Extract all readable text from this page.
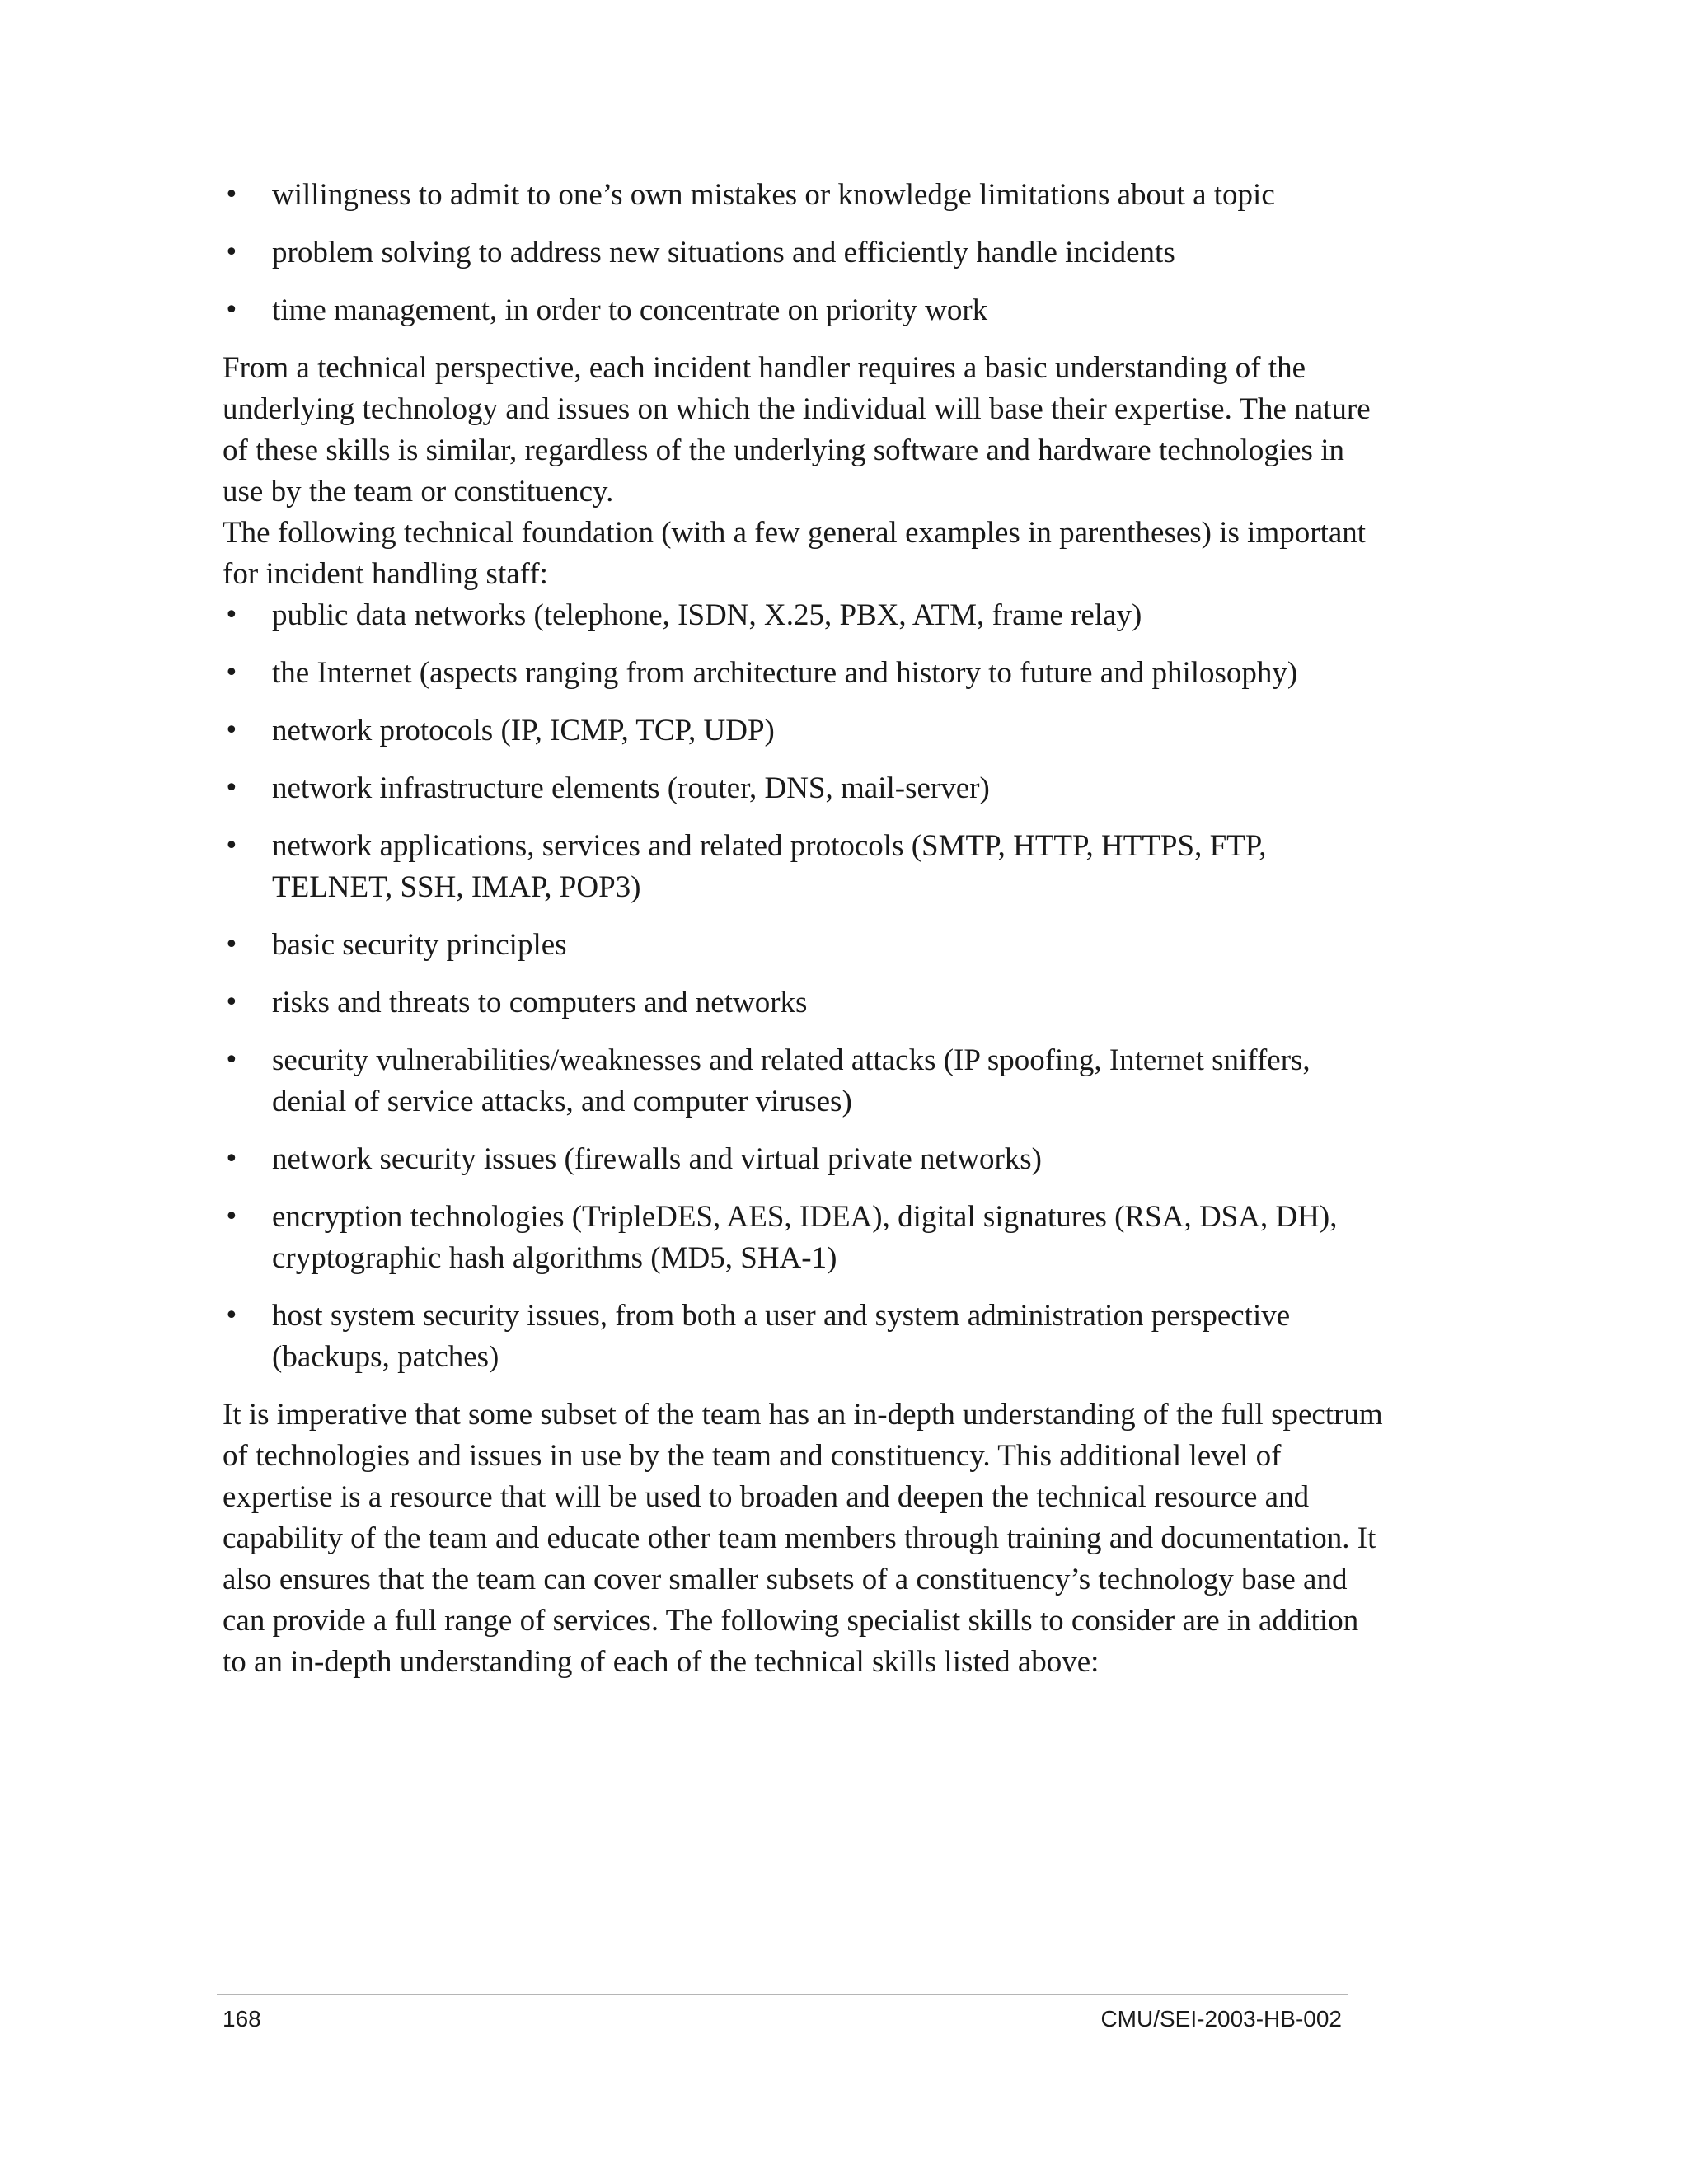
• willingness to admit to one’s own mistakes or knowledge limitations about a topic
• problem solving to address new situations and efficiently handle incidents
• time management, in order to concentrate on priority work

From a technical perspective, each incident handler requires a basic understanding of the underlying technology and issues on which the individual will base their expertise. The nature of these skills is similar, regardless of the underlying software and hardware technologies in use by the team or constituency.

The following technical foundation (with a few general examples in parentheses) is important for incident handling staff:

• public data networks (telephone, ISDN, X.25, PBX, ATM, frame relay)
• the Internet (aspects ranging from architecture and history to future and philosophy)
• network protocols (IP, ICMP, TCP, UDP)
• network infrastructure elements (router, DNS, mail-server)
• network applications, services and related protocols (SMTP, HTTP, HTTPS, FTP, TELNET, SSH, IMAP, POP3)
• basic security principles
• risks and threats to computers and networks
• security vulnerabilities/weaknesses and related attacks (IP spoofing, Internet sniffers, denial of service attacks, and computer viruses)
• network security issues (firewalls and virtual private networks)
• encryption technologies (TripleDES, AES, IDEA), digital signatures (RSA, DSA, DH), cryptographic hash algorithms (MD5, SHA-1)
• host system security issues, from both a user and system administration perspective (backups, patches)

It is imperative that some subset of the team has an in-depth understanding of the full spectrum of technologies and issues in use by the team and constituency. This additional level of expertise is a resource that will be used to broaden and deepen the technical resource and capability of the team and educate other team members through training and documentation. It also ensures that the team can cover smaller subsets of a constituency’s technology base and can provide a full range of services. The following specialist skills to consider are in addition to an in-depth understanding of each of the technical skills listed above:

168	CMU/SEI-2003-HB-002
